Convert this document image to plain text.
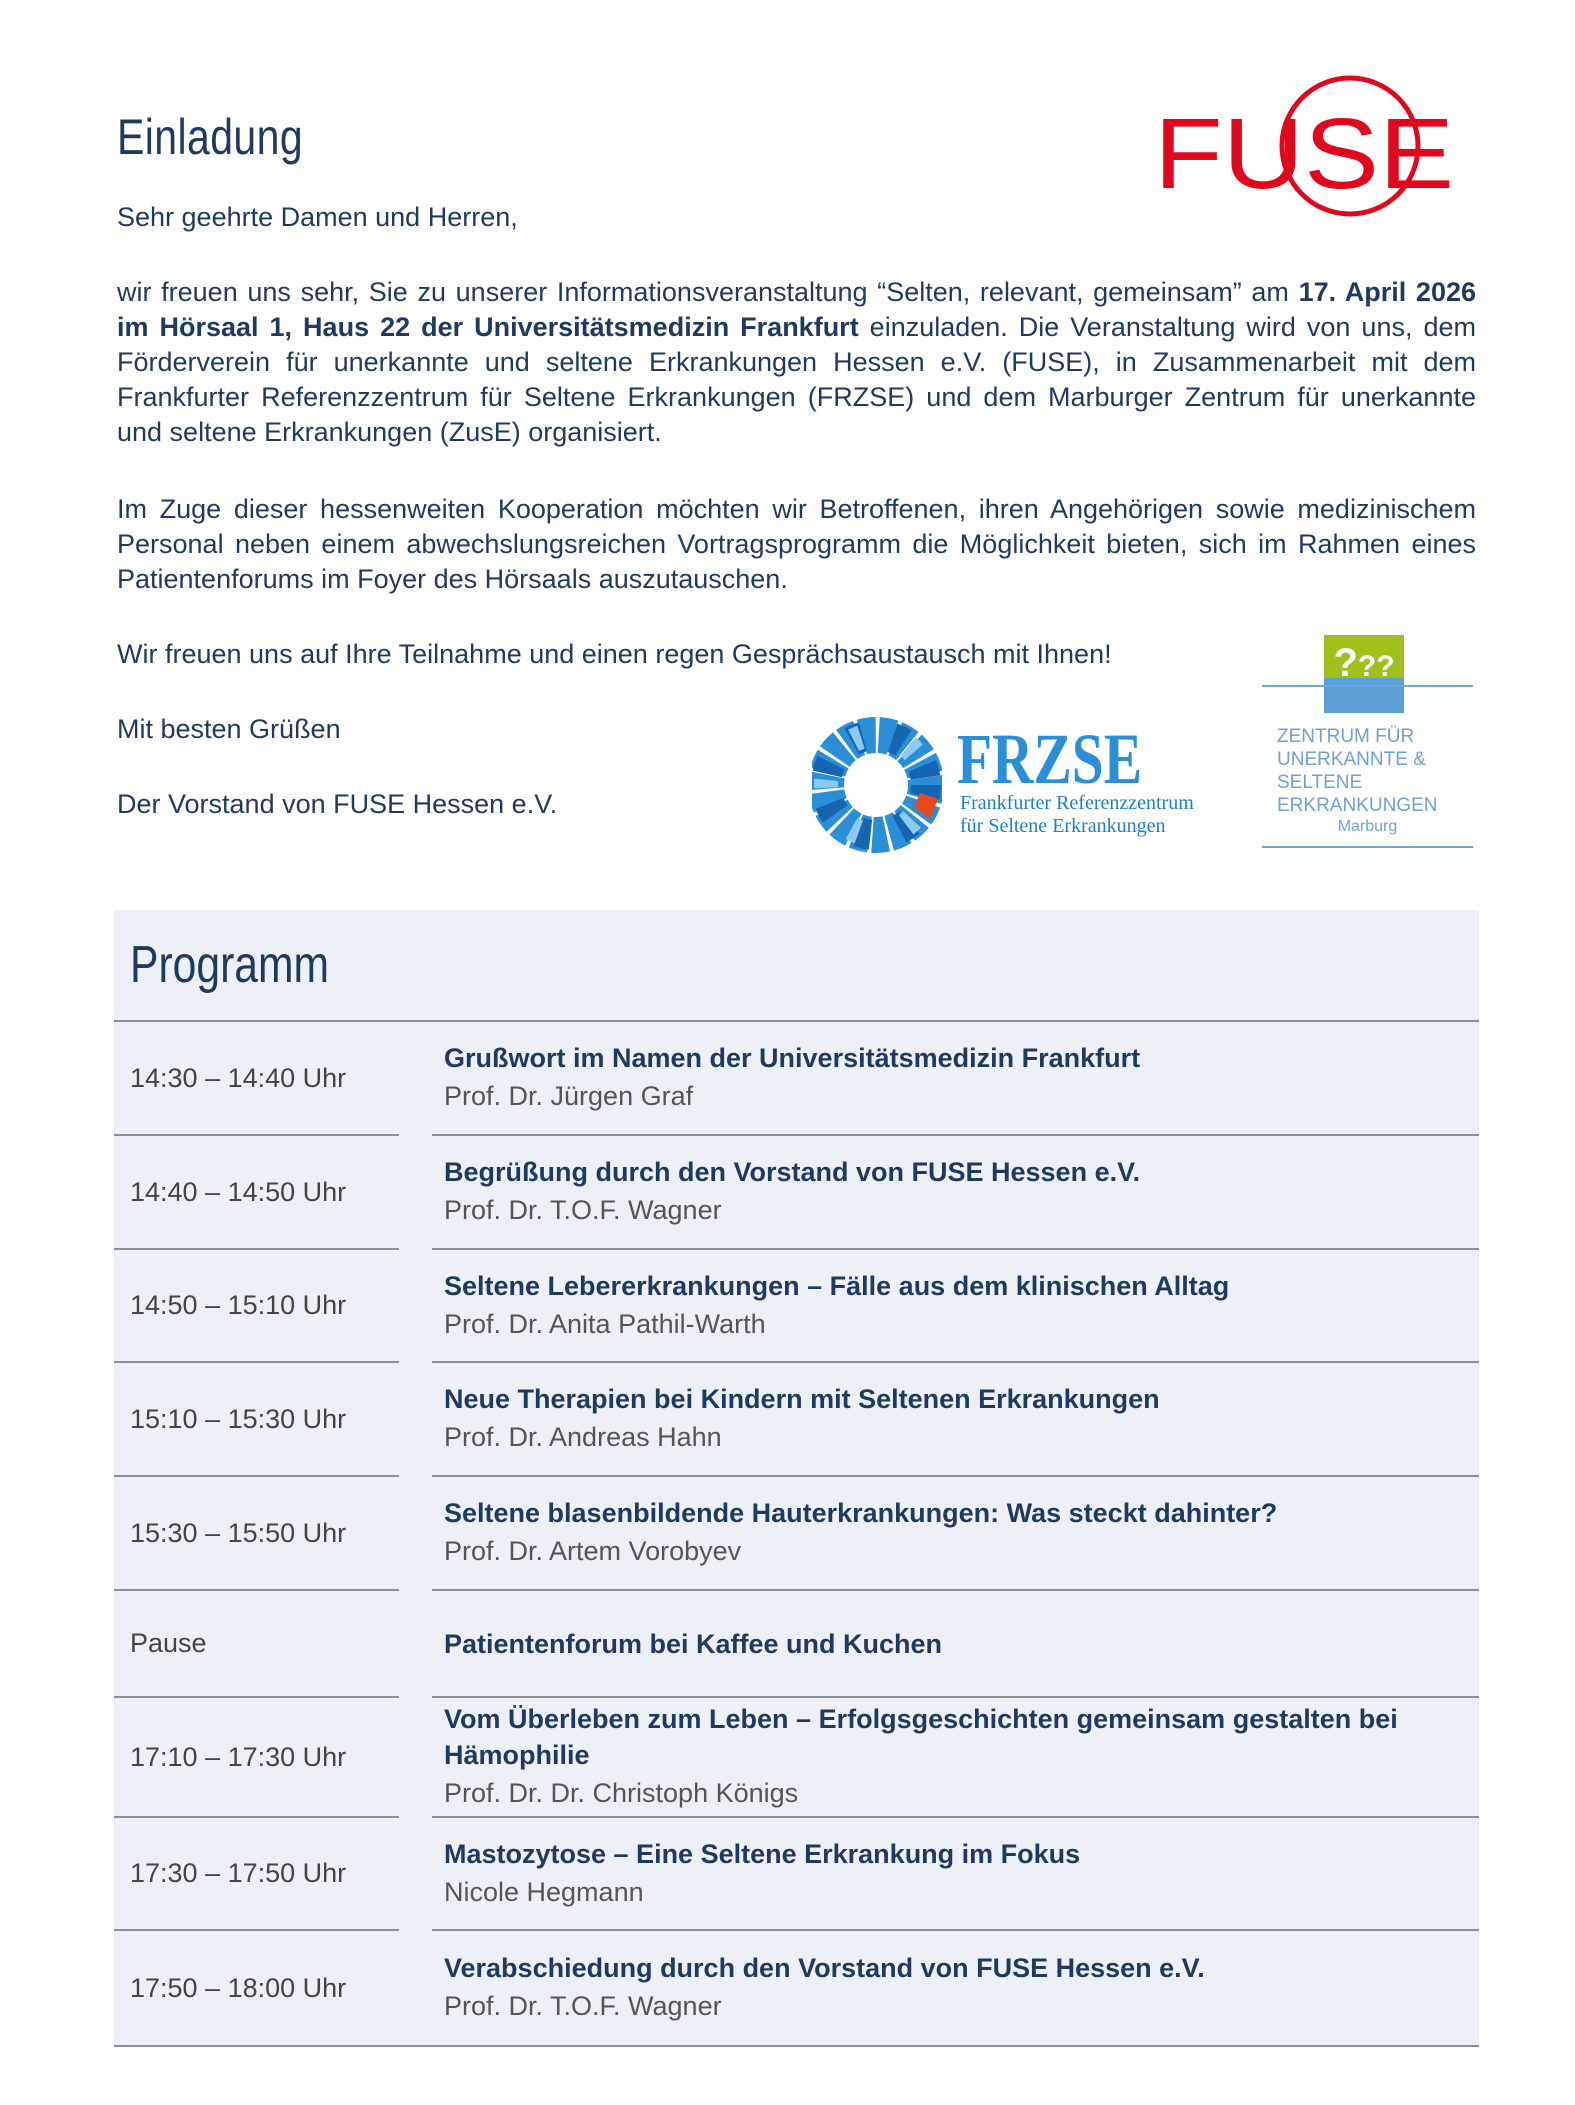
Einladung	FUSE

Sehr geehrte Damen und Herren,

wir freuen uns sehr, Sie zu unserer Informationsveranstaltung “Selten, relevant, gemeinsam” am 17. April 2026 im Hörsaal 1, Haus 22 der Universitätsmedizin Frankfurt einzuladen. Die Veranstaltung wird von uns, dem Förderverein für unerkannte und seltene Erkrankungen Hessen e.V. (FUSE), in Zusammenarbeit mit dem Frankfurter Referenzzentrum für Seltene Erkrankungen (FRZSE) und dem Marburger Zentrum für unerkannte und seltene Erkrankungen (ZusE) organisiert.

Im Zuge dieser hessenweiten Kooperation möchten wir Betroffenen, ihren Angehörigen sowie medizinischem Personal neben einem abwechslungsreichen Vortragsprogramm die Möglichkeit bieten, sich im Rahmen eines Patientenforums im Foyer des Hörsaals auszutauschen.

Wir freuen uns auf Ihre Teilnahme und einen regen Gesprächsaustausch mit Ihnen!

Mit besten Grüßen

Der Vorstand von FUSE Hessen e.V.

FRZSE
Frankfurter Referenzzentrum
für Seltene Erkrankungen
???
ZENTRUM FÜR
UNERKANNTE &
SELTENE
ERKRANKUNGEN
Marburg
Programm
14:30 – 14:40 Uhr
Grußwort im Namen der Universitätsmedizin Frankfurt
Prof. Dr. Jürgen Graf
14:40 – 14:50 Uhr
Begrüßung durch den Vorstand von FUSE Hessen e.V.
Prof. Dr. T.O.F. Wagner
14:50 – 15:10 Uhr
Seltene Lebererkrankungen – Fälle aus dem klinischen Alltag
Prof. Dr. Anita Pathil-Warth
15:10 – 15:30 Uhr
Neue Therapien bei Kindern mit Seltenen Erkrankungen
Prof. Dr. Andreas Hahn
15:30 – 15:50 Uhr
Seltene blasenbildende Hauterkrankungen: Was steckt dahinter?
Prof. Dr. Artem Vorobyev
Pause	Patientenforum bei Kaffee und Kuchen
17:10 – 17:30 Uhr
Vom Überleben zum Leben – Erfolgsgeschichten gemeinsam gestalten bei Hämophilie
Prof. Dr. Dr. Christoph Königs
17:30 – 17:50 Uhr
Mastozytose – Eine Seltene Erkrankung im Fokus
Nicole Hegmann
17:50 – 18:00 Uhr
Verabschiedung durch den Vorstand von FUSE Hessen e.V.
Prof. Dr. T.O.F. Wagner
